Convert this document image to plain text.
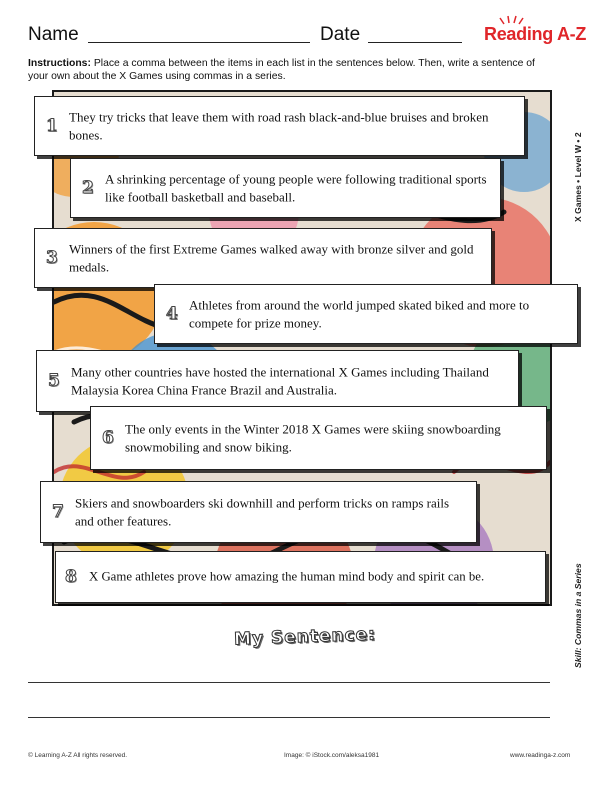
Name	Date	Reading A-Z
Instructions: Place a comma between the items in each list in the sentences below. Then, write a sentence of your own about the X Games using commas in a series.
1 They try tricks that leave them with road rash black-and-blue bruises and broken bones.
2 A shrinking percentage of young people were following traditional sports like football basketball and baseball.
3 Winners of the first Extreme Games walked away with bronze silver and gold medals.
4 Athletes from around the world jumped skated biked and more to compete for prize money.
5 Many other countries have hosted the international X Games including Thailand Malaysia Korea China France Brazil and Australia.
6 The only events in the Winter 2018 X Games were skiing snowboarding snowmobiling and snow biking.
7 Skiers and snowboarders ski downhill and perform tricks on ramps rails and other features.
8 X Game athletes prove how amazing the human mind body and spirit can be.
X Games • Level W • 2
Skill: Commas in a Series
My Sentence:
© Learning A-Z All rights reserved.	Image: © iStock.com/aleksa1981	www.readinga-z.com
